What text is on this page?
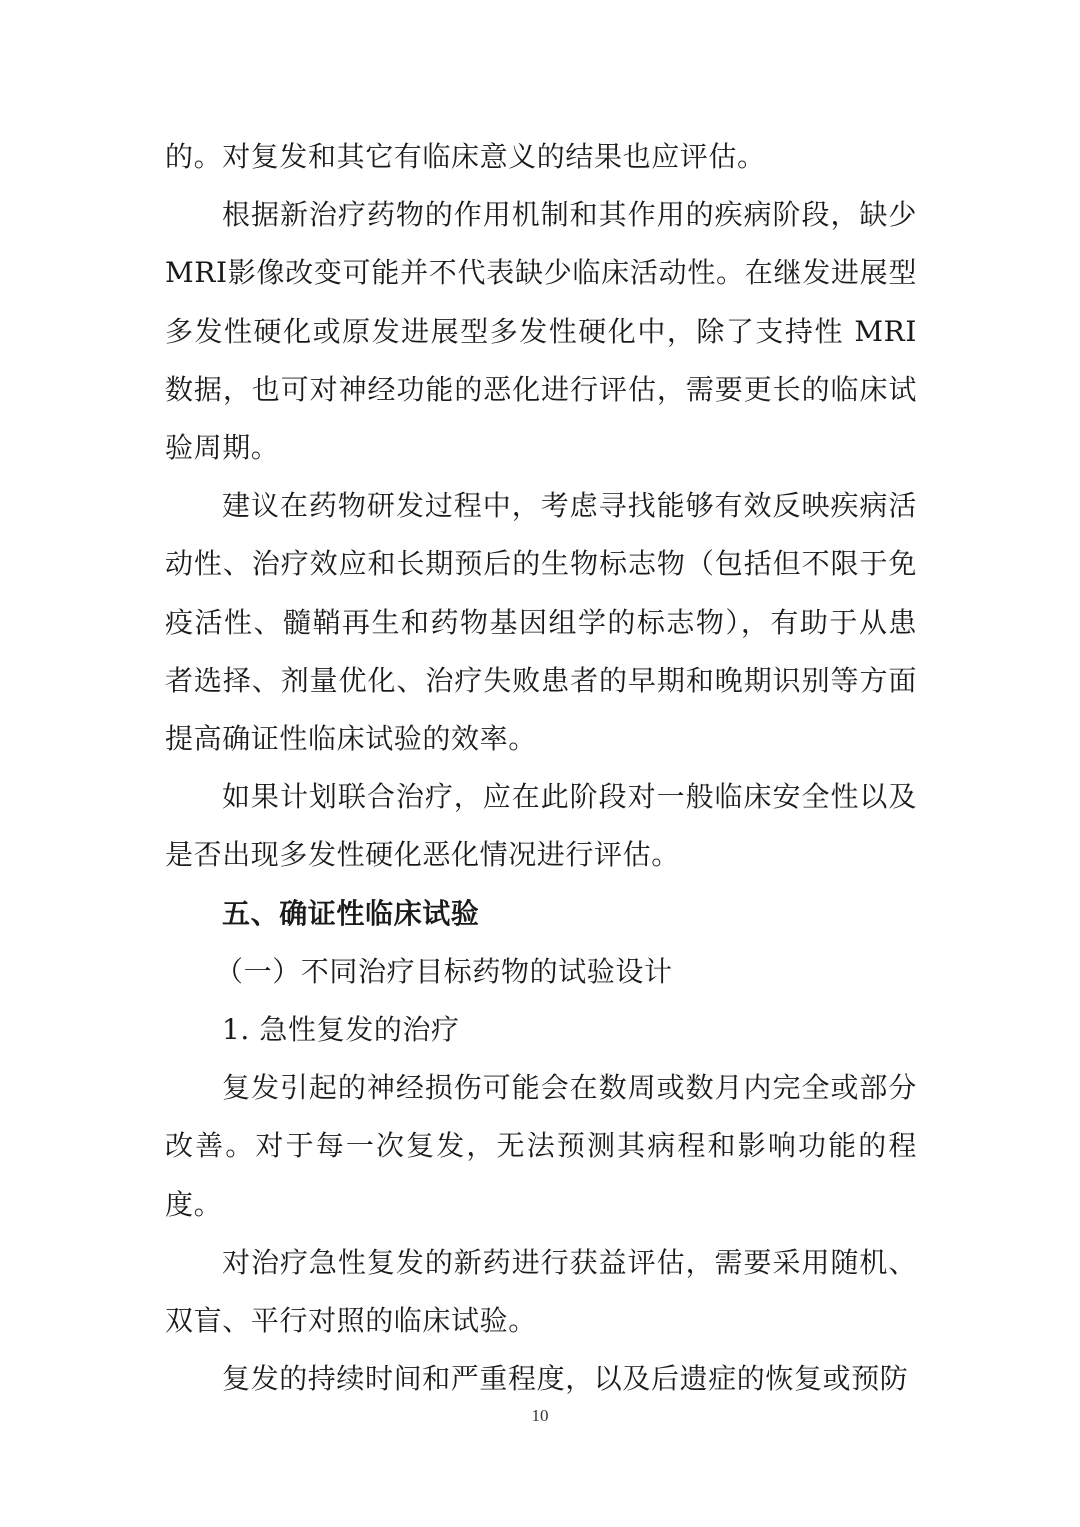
的。对复发和其它有临床意义的结果也应评估。

根据新治疗药物的作用机制和其作用的疾病阶段，缺少MRI影像改变可能并不代表缺少临床活动性。在继发进展型多发性硬化或原发进展型多发性硬化中，除了支持性 MRI 数据，也可对神经功能的恶化进行评估，需要更长的临床试验周期。

建议在药物研发过程中，考虑寻找能够有效反映疾病活动性、治疗效应和长期预后的生物标志物（包括但不限于免疫活性、髓鞘再生和药物基因组学的标志物），有助于从患者选择、剂量优化、治疗失败患者的早期和晚期识别等方面提高确证性临床试验的效率。

如果计划联合治疗，应在此阶段对一般临床安全性以及是否出现多发性硬化恶化情况进行评估。

五、确证性临床试验

（一）不同治疗目标药物的试验设计

1. 急性复发的治疗

复发引起的神经损伤可能会在数周或数月内完全或部分改善。对于每一次复发，无法预测其病程和影响功能的程度。

对治疗急性复发的新药进行获益评估，需要采用随机、双盲、平行对照的临床试验。

复发的持续时间和严重程度，以及后遗症的恢复或预防

10
